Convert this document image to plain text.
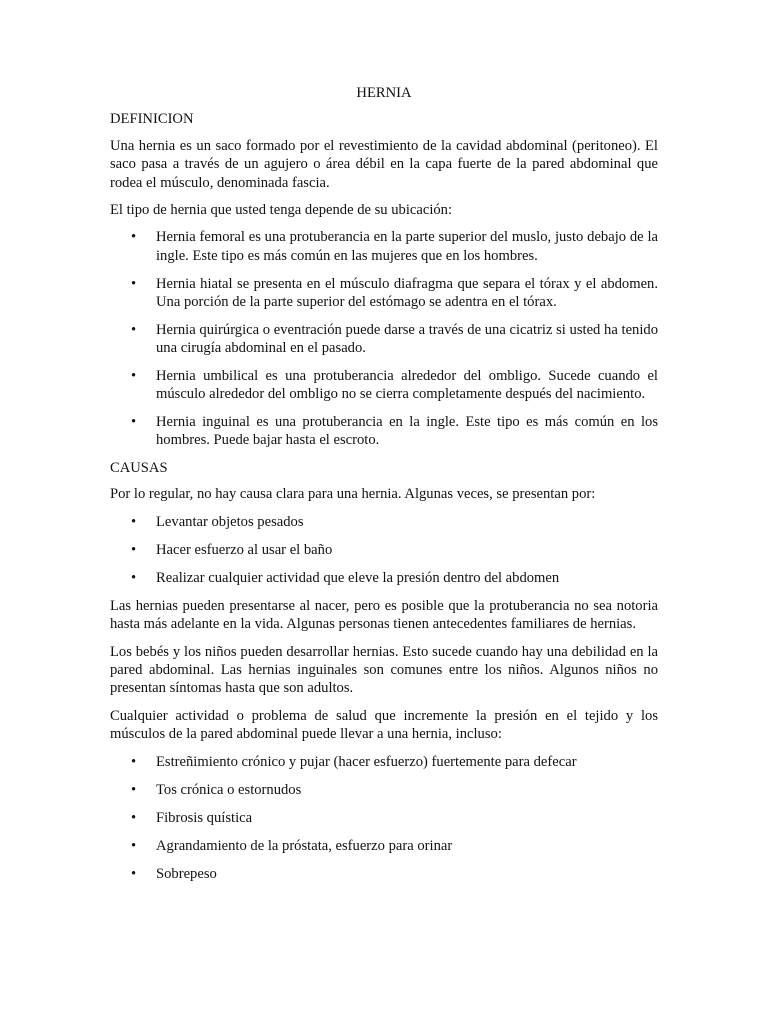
HERNIA
DEFINICION

Una hernia es un saco formado por el revestimiento de la cavidad abdominal (peritoneo). El saco pasa a través de un agujero o área débil en la capa fuerte de la pared abdominal que rodea el músculo, denominada fascia.

El tipo de hernia que usted tenga depende de su ubicación:

• Hernia femoral es una protuberancia en la parte superior del muslo, justo debajo de la ingle. Este tipo es más común en las mujeres que en los hombres.
• Hernia hiatal se presenta en el músculo diafragma que separa el tórax y el abdomen. Una porción de la parte superior del estómago se adentra en el tórax.
• Hernia quirúrgica o eventración puede darse a través de una cicatriz si usted ha tenido una cirugía abdominal en el pasado.
• Hernia umbilical es una protuberancia alrededor del ombligo. Sucede cuando el músculo alrededor del ombligo no se cierra completamente después del nacimiento.
• Hernia inguinal es una protuberancia en la ingle. Este tipo es más común en los hombres. Puede bajar hasta el escroto.
CAUSAS

Por lo regular, no hay causa clara para una hernia. Algunas veces, se presentan por:

• Levantar objetos pesados
• Hacer esfuerzo al usar el baño
• Realizar cualquier actividad que eleve la presión dentro del abdomen

Las hernias pueden presentarse al nacer, pero es posible que la protuberancia no sea notoria hasta más adelante en la vida. Algunas personas tienen antecedentes familiares de hernias.

Los bebés y los niños pueden desarrollar hernias. Esto sucede cuando hay una debilidad en la pared abdominal. Las hernias inguinales son comunes entre los niños. Algunos niños no presentan síntomas hasta que son adultos.

Cualquier actividad o problema de salud que incremente la presión en el tejido y los músculos de la pared abdominal puede llevar a una hernia, incluso:

• Estreñimiento crónico y pujar (hacer esfuerzo) fuertemente para defecar
• Tos crónica o estornudos
• Fibrosis quística
• Agrandamiento de la próstata, esfuerzo para orinar
• Sobrepeso
